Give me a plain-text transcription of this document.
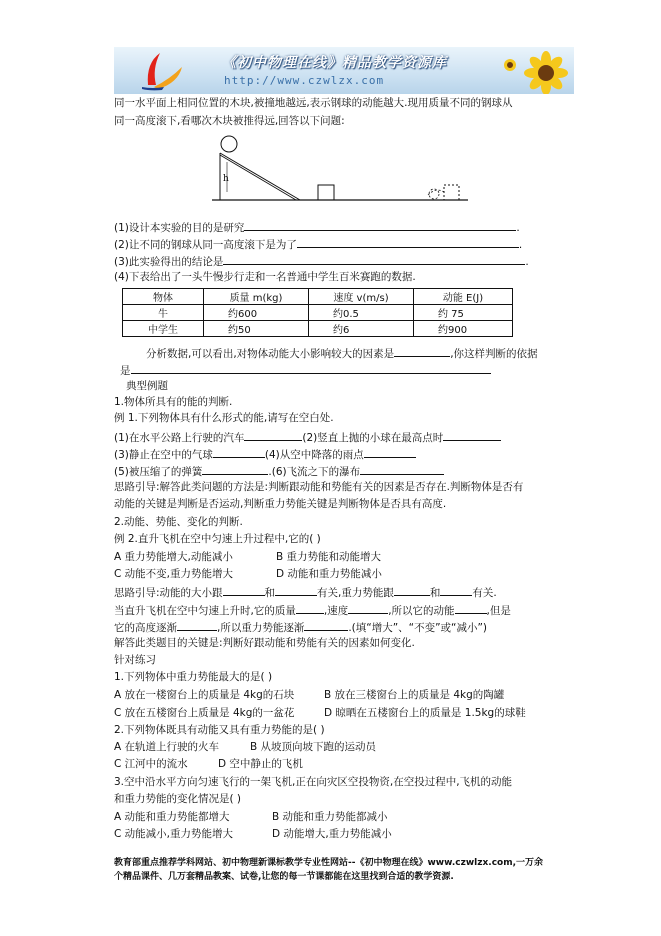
《初中物理在线》精品教学资源库
http://www.czwlzx.com
同一水平面上相同位置的木块,被撞地越远,表示钢球的动能越大.现用质量不同的钢球从
同一高度滚下,看哪次木块被推得远,回答以下问题:
h
(1)设计本实验的目的是研究	.
(2)让不同的钢球从同一高度滚下是为了	.
(3)此实验得出的结论是	.
(4)下表给出了一头牛慢步行走和一名普通中学生百米赛跑的数据.
物体	质量 m(kg)	速度 v(m/s)	动能 E(J)
牛	约600	约0.5	约 75
中学生	约50	约6	约900
分析数据,可以看出,对物体动能大小影响较大的因素是	,你这样判断的依据
是
典型例题
1.物体所具有的能的判断.
例 1.下列物体具有什么形式的能,请写在空白处.
(1)在水平公路上行驶的汽车	(2)竖直上抛的小球在最高点时
(3)静止在空中的气球	(4)从空中降落的雨点
(5)被压缩了的弹簧	.(6)飞流之下的瀑布
思路引导:解答此类问题的方法是:判断跟动能和势能有关的因素是否存在.判断物体是否有
动能的关键是判断是否运动,判断重力势能关键是判断物体是否具有高度.
2.动能、势能、变化的判断.
例 2.直升飞机在空中匀速上升过程中,它的( )
A 重力势能增大,动能减小	B 重力势能和动能增大
C 动能不变,重力势能增大	D 动能和重力势能减小
思路引导:动能的大小跟	和	有关,重力势能跟	和	有关.
当直升飞机在空中匀速上升时,它的质量	,速度	,所以它的动能	,但是
它的高度逐渐	,所以重力势能逐渐	.(填“增大”、“不变”或“减小”)
解答此类题目的关键是:判断好跟动能和势能有关的因素如何变化.
针对练习
1.下列物体中重力势能最大的是( )
A 放在一楼窗台上的质量是 4kg的石块	B 放在三楼窗台上的质量是 4kg的陶罐
C 放在五楼窗台上质量是 4kg的一盆花	D 晾晒在五楼窗台上的质量是 1.5kg的球鞋
2.下列物体既具有动能又具有重力势能的是( )
A 在轨道上行驶的火车	B 从坡顶向坡下跑的运动员
C 江河中的流水	D 空中静止的飞机
3.空中沿水平方向匀速飞行的一架飞机,正在向灾区空投物资,在空投过程中,飞机的动能
和重力势能的变化情况是( )
A 动能和重力势能都增大	B 动能和重力势能都减小
C 动能减小,重力势能增大	D 动能增大,重力势能减小
教育部重点推荐学科网站、初中物理新课标教学专业性网站--《初中物理在线》www.czwlzx.com,一万余
个精品课件、几万套精品教案、试卷,让您的每一节课都能在这里找到合适的教学资源.
